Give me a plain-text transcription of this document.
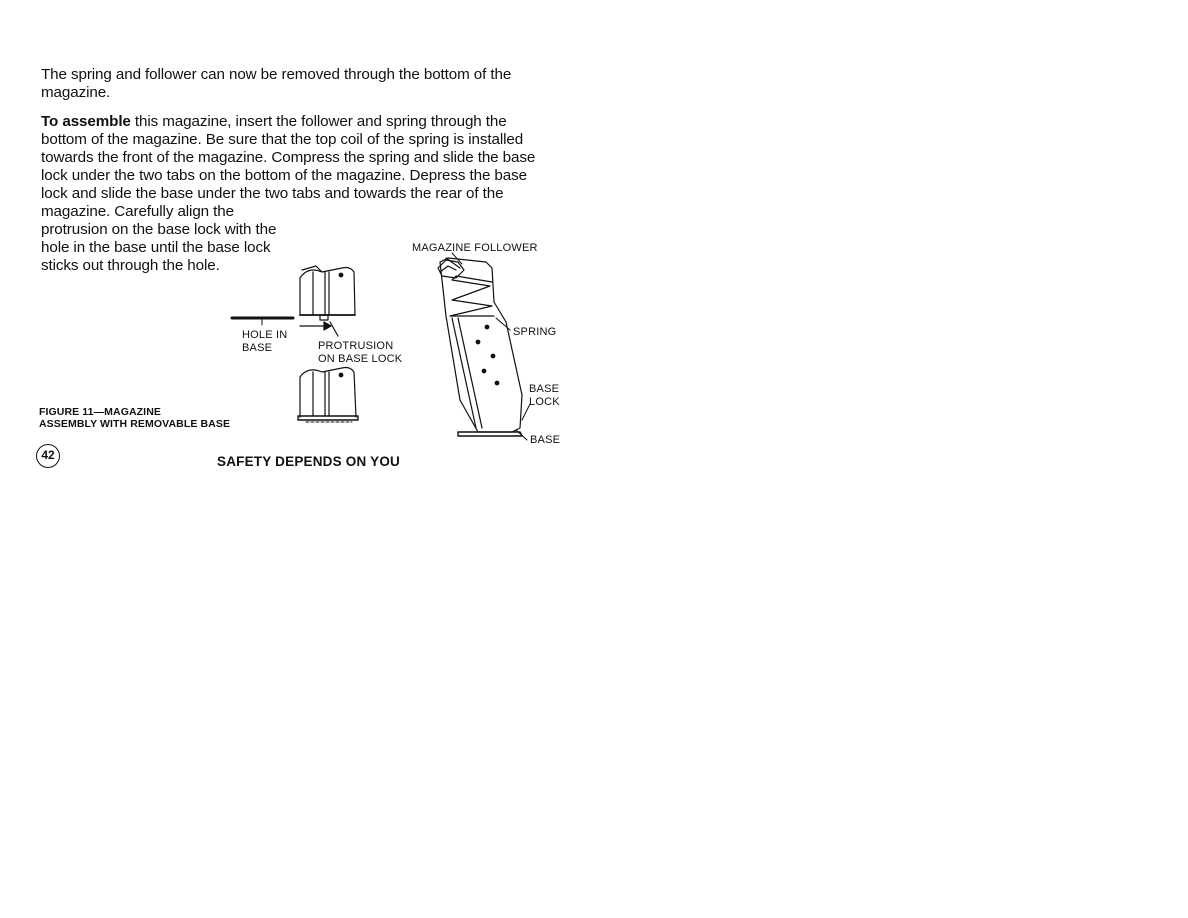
The spring and follower can now be removed through the bottom of the
magazine.
To assemble this magazine, insert the follower and spring through the
bottom of the magazine. Be sure that the top coil of the spring is installed
towards the front of the magazine. Compress the spring and slide the base
lock under the two tabs on the bottom of the magazine. Depress the base
lock and slide the base under the two tabs and towards the rear of the
magazine. Carefully align the
protrusion on the base lock with the
hole in the base until the base lock
sticks out through the hole.
HOLE IN
BASE	PROTRUSION
ON BASE LOCK
MAGAZINE FOLLOWER
SPRING
BASE
LOCK
BASE
FIGURE 11—MAGAZINE
ASSEMBLY WITH REMOVABLE BASE
42	SAFETY DEPENDS ON YOU
